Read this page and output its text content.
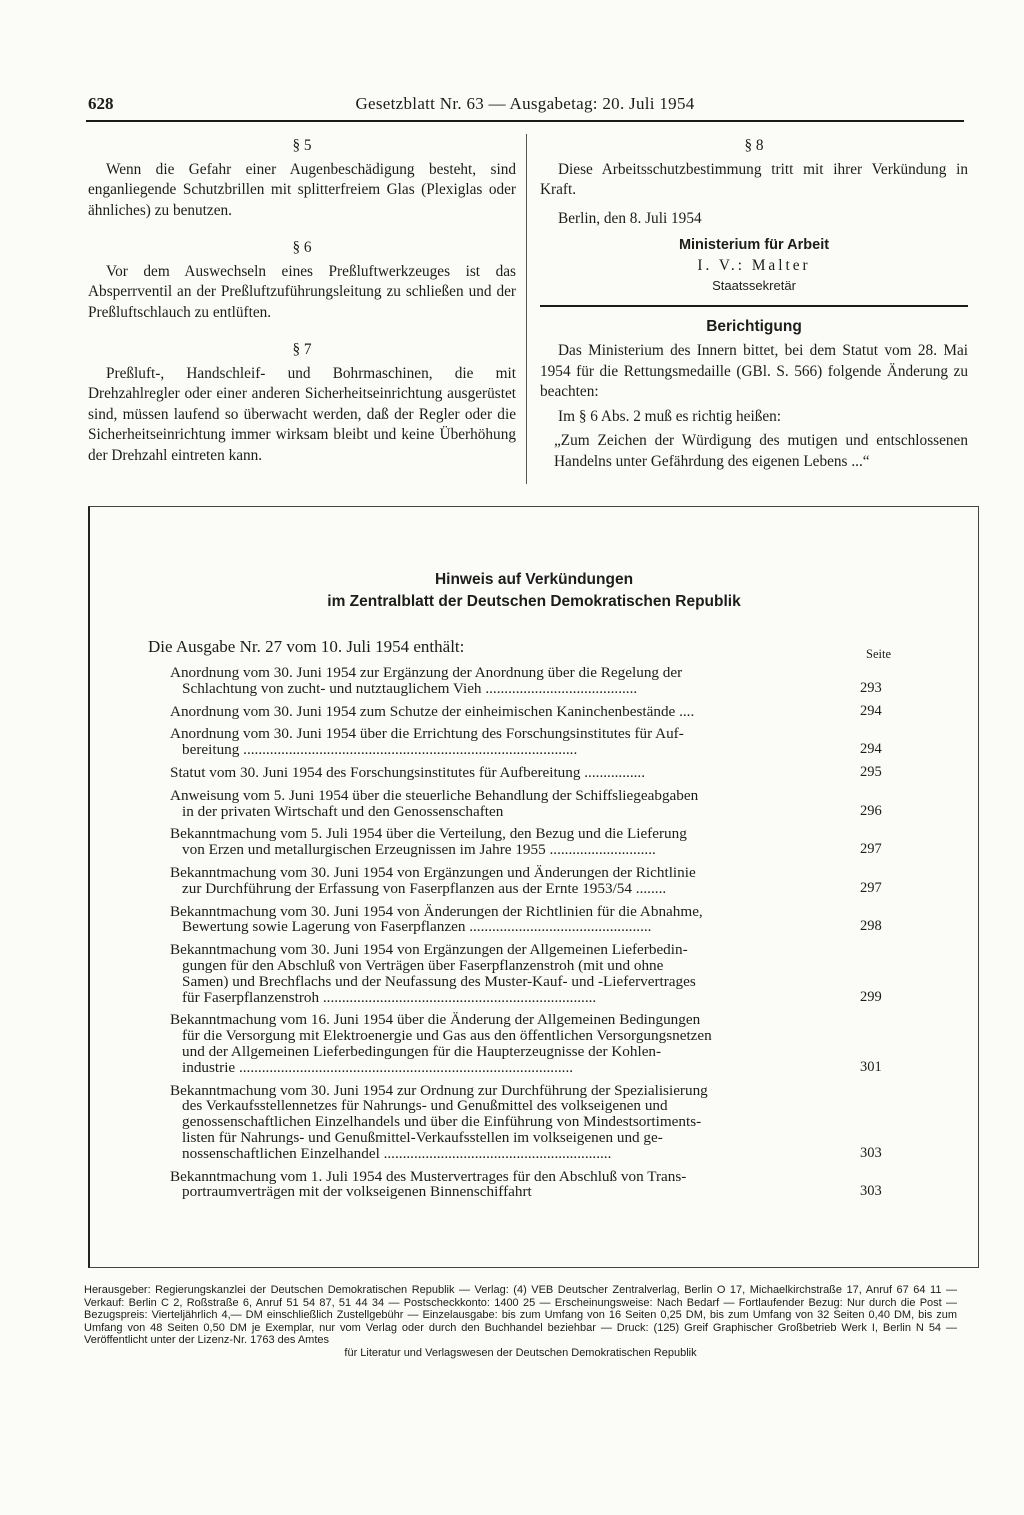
628	Gesetzblatt Nr. 63 — Ausgabetag: 20. Juli 1954
§ 5

Wenn die Gefahr einer Augenbeschädigung besteht, sind enganliegende Schutzbrillen mit splitterfreiem Glas (Plexiglas oder ähnliches) zu benutzen.

§ 6

Vor dem Auswechseln eines Preßluftwerkzeuges ist das Absperrventil an der Preßluftzuführungsleitung zu schließen und der Preßluftschlauch zu entlüften.

§ 7

Preßluft-, Handschleif- und Bohrmaschinen, die mit Drehzahlregler oder einer anderen Sicherheitseinrichtung ausgerüstet sind, müssen laufend so überwacht werden, daß der Regler oder die Sicherheitseinrichtung immer wirksam bleibt und keine Überhöhung der Drehzahl eintreten kann.

§ 8

Diese Arbeitsschutzbestimmung tritt mit ihrer Verkündung in Kraft.

Berlin, den 8. Juli 1954

Ministerium für Arbeit
I. V.: Malter
Staatssekretär
Berichtigung

Das Ministerium des Innern bittet, bei dem Statut vom 28. Mai 1954 für die Rettungsmedaille (GBl. S. 566) folgende Änderung zu beachten:

Im § 6 Abs. 2 muß es richtig heißen:

„Zum Zeichen der Würdigung des mutigen und entschlossenen Handelns unter Gefährdung des eigenen Lebens ...“

Hinweis auf Verkündungen
im Zentralblatt der Deutschen Demokratischen Republik
Die Ausgabe Nr. 27 vom 10. Juli 1954 enthält:	Seite
Anordnung vom 30. Juni 1954 zur Ergänzung der Anordnung über die Regelung der
Schlachtung von zucht- und nutztauglichem Vieh ........................................	293
Anordnung vom 30. Juni 1954 zum Schutze der einheimischen Kaninchenbestände ....	294
Anordnung vom 30. Juni 1954 über die Errichtung des Forschungsinstitutes für Auf-
bereitung ........................................................................................	294
Statut vom 30. Juni 1954 des Forschungsinstitutes für Aufbereitung ................	295
Anweisung vom 5. Juni 1954 über die steuerliche Behandlung der Schiffsliegeabgaben
in der privaten Wirtschaft und den Genossenschaften	296
Bekanntmachung vom 5. Juli 1954 über die Verteilung, den Bezug und die Lieferung
von Erzen und metallurgischen Erzeugnissen im Jahre 1955 ............................	297
Bekanntmachung vom 30. Juni 1954 von Ergänzungen und Änderungen der Richtlinie
zur Durchführung der Erfassung von Faserpflanzen aus der Ernte 1953/54 ........	297
Bekanntmachung vom 30. Juni 1954 von Änderungen der Richtlinien für die Abnahme,
Bewertung sowie Lagerung von Faserpflanzen ................................................	298
Bekanntmachung vom 30. Juni 1954 von Ergänzungen der Allgemeinen Lieferbedin-
gungen für den Abschluß von Verträgen über Faserpflanzenstroh (mit und ohne
Samen) und Brechflachs und der Neufassung des Muster-Kauf- und -Liefervertrages
für Faserpflanzenstroh ........................................................................	299
Bekanntmachung vom 16. Juni 1954 über die Änderung der Allgemeinen Bedingungen
für die Versorgung mit Elektroenergie und Gas aus den öffentlichen Versorgungsnetzen
und der Allgemeinen Lieferbedingungen für die Haupterzeugnisse der Kohlen-
industrie ........................................................................................	301
Bekanntmachung vom 30. Juni 1954 zur Ordnung zur Durchführung der Spezialisierung
des Verkaufsstellennetzes für Nahrungs- und Genußmittel des volkseigenen und
genossenschaftlichen Einzelhandels und über die Einführung von Mindestsortiments-
listen für Nahrungs- und Genußmittel-Verkaufsstellen im volkseigenen und ge-
nossenschaftlichen Einzelhandel ............................................................	303
Bekanntmachung vom 1. Juli 1954 des Mustervertrages für den Abschluß von Trans-
portraumverträgen mit der volkseigenen Binnenschiffahrt	303
Herausgeber: Regierungskanzlei der Deutschen Demokratischen Republik — Verlag: (4) VEB Deutscher Zentralverlag, Berlin O 17, Michaelkirchstraße 17, Anruf 67 64 11 — Verkauf: Berlin C 2, Roßstraße 6, Anruf 51 54 87, 51 44 34 — Postscheckkonto: 1400 25 — Erscheinungsweise: Nach Bedarf — Fortlaufender Bezug: Nur durch die Post — Bezugspreis: Vierteljährlich 4,— DM einschließlich Zustellgebühr — Einzelausgabe: bis zum Umfang von 16 Seiten 0,25 DM, bis zum Umfang von 32 Seiten 0,40 DM, bis zum Umfang von 48 Seiten 0,50 DM je Exemplar, nur vom Verlag oder durch den Buchhandel beziehbar — Druck: (125) Greif Graphischer Großbetrieb Werk I, Berlin N 54 — Veröffentlicht unter der Lizenz-Nr. 1763 des Amtes
für Literatur und Verlagswesen der Deutschen Demokratischen Republik
